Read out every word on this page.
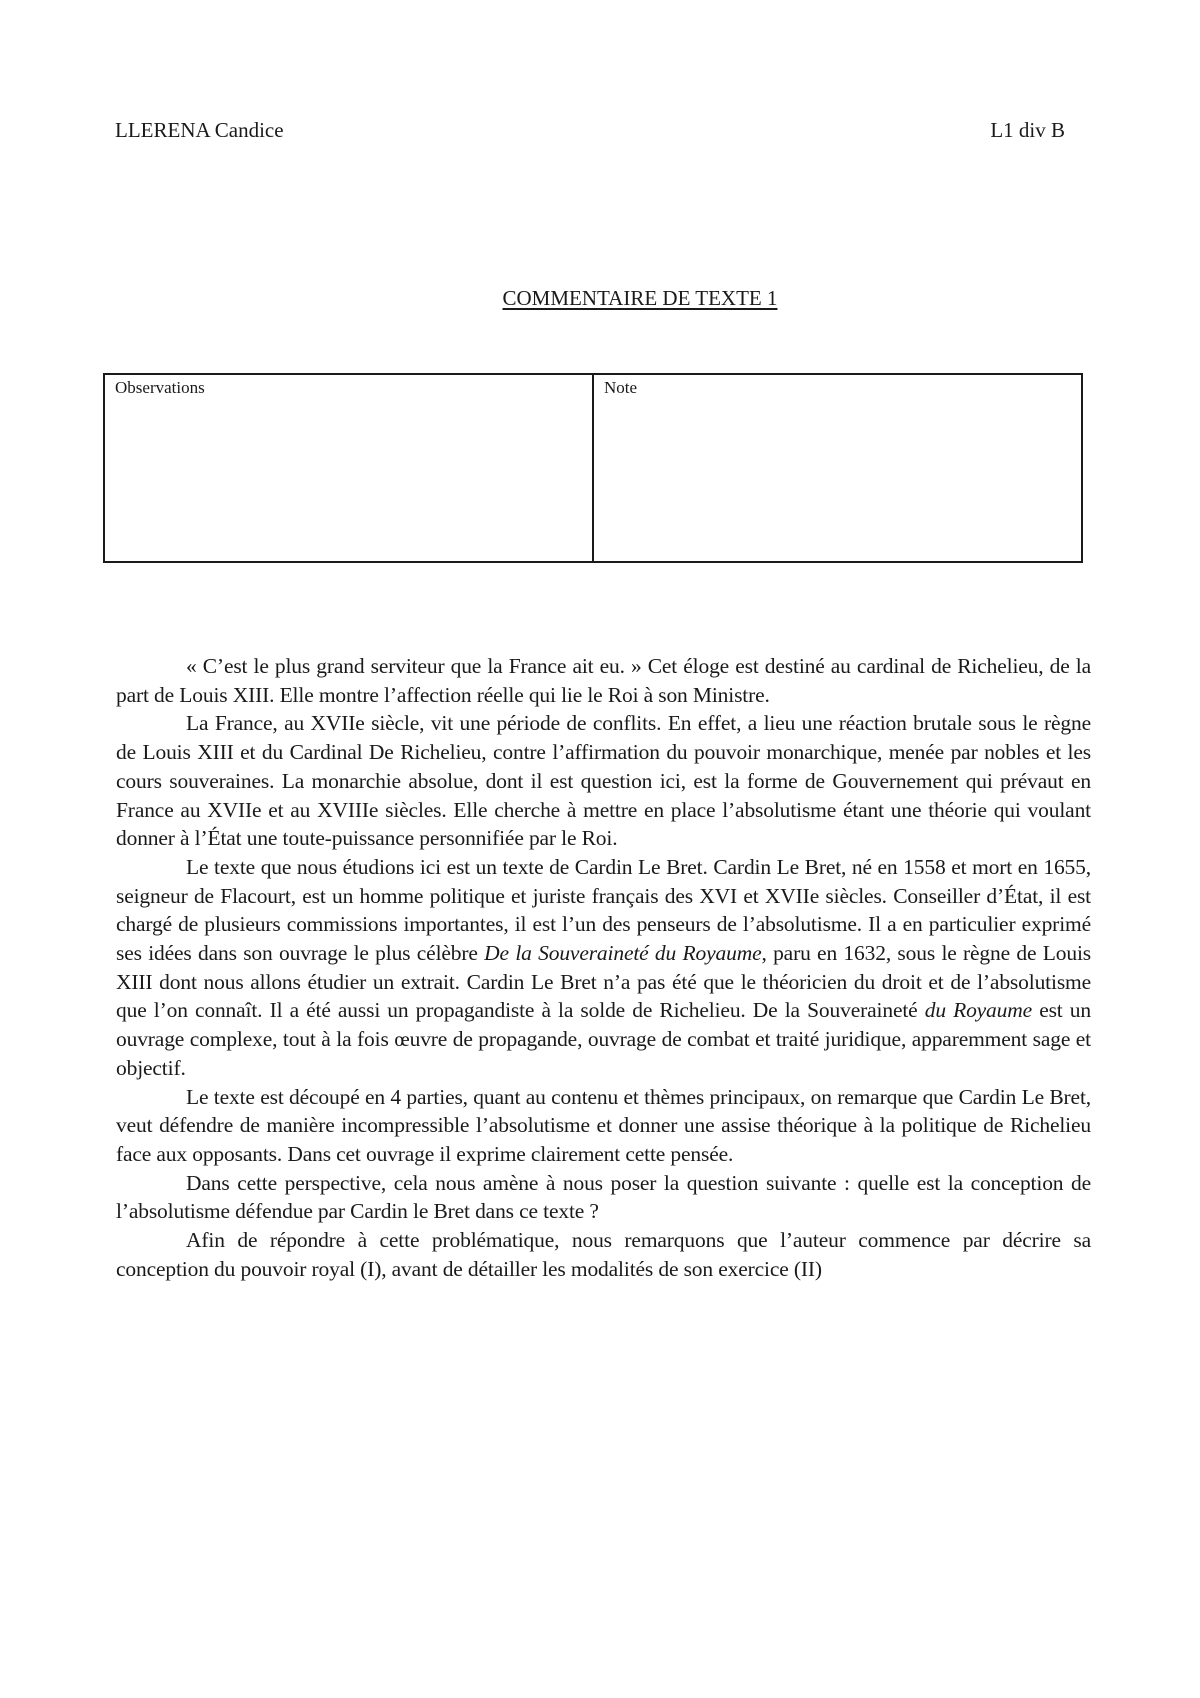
LLERENA Candice	L1 div B
COMMENTAIRE DE TEXTE 1
Observations	Note

« C’est le plus grand serviteur que la France ait eu. » Cet éloge est destiné au cardinal de Richelieu, de la part de Louis XIII. Elle montre l’affection réelle qui lie le Roi à son Ministre.

La France, au XVIIe siècle, vit une période de conflits. En effet, a lieu une réaction brutale sous le règne de Louis XIII et du Cardinal De Richelieu, contre l’affirmation du pouvoir monarchique, menée par nobles et les cours souveraines. La monarchie absolue, dont il est question ici, est la forme de Gouvernement qui prévaut en France au XVIIe et au XVIIIe siècles. Elle cherche à mettre en place l’absolutisme étant une théorie qui voulant donner à l’État une toute-puissance personnifiée par le Roi.

Le texte que nous étudions ici est un texte de Cardin Le Bret. Cardin Le Bret, né en 1558 et mort en 1655, seigneur de Flacourt, est un homme politique et juriste français des XVI et XVIIe siècles. Conseiller d’État, il est chargé de plusieurs commissions importantes, il est l’un des penseurs de l’absolutisme. Il a en particulier exprimé ses idées dans son ouvrage le plus célèbre De la Souveraineté du Royaume, paru en 1632, sous le règne de Louis XIII dont nous allons étudier un extrait. Cardin Le Bret n’a pas été que le théoricien du droit et de l’absolutisme que l’on connaît. Il a été aussi un propagandiste à la solde de Richelieu. De la Souveraineté du Royaume est un ouvrage complexe, tout à la fois œuvre de propagande, ouvrage de combat et traité juridique, apparemment sage et objectif.

Le texte est découpé en 4 parties, quant au contenu et thèmes principaux, on remarque que Cardin Le Bret, veut défendre de manière incompressible l’absolutisme et donner une assise théorique à la politique de Richelieu face aux opposants. Dans cet ouvrage il exprime clairement cette pensée.

Dans cette perspective, cela nous amène à nous poser la question suivante : quelle est la conception de l’absolutisme défendue par Cardin le Bret dans ce texte ?

Afin de répondre à cette problématique, nous remarquons que l’auteur commence par décrire sa conception du pouvoir royal (I), avant de détailler les modalités de son exercice (II)
